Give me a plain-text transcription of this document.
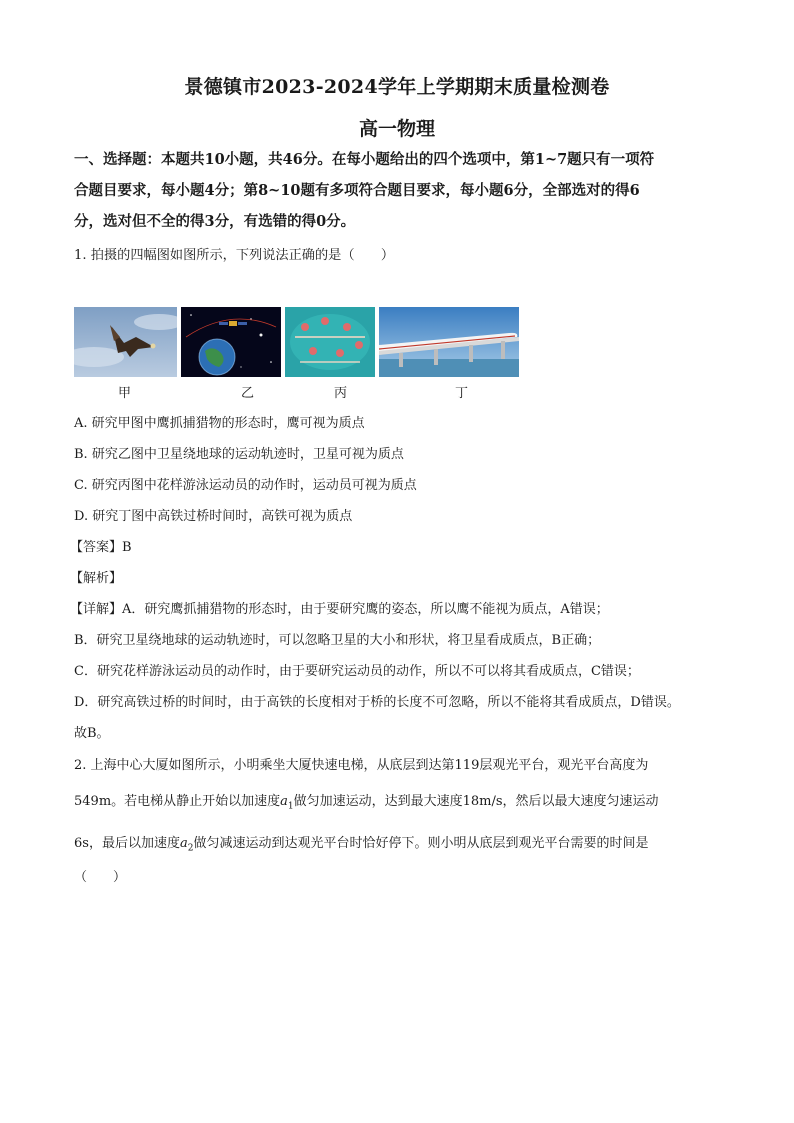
景德镇市2023-2024学年上学期期末质量检测卷
高一物理
一、选择题：本题共10小题，共46分。在每小题给出的四个选项中，第1~7题只有一项符
合题目要求，每小题4分；第8~10题有多项符合题目要求，每小题6分，全部选对的得6
分，选对但不全的得3分，有选错的得0分。
1. 拍摄的四幅图如图所示，下列说法正确的是（　　）
甲	乙	丙	丁
A. 研究甲图中鹰抓捕猎物的形态时，鹰可视为质点
B. 研究乙图中卫星绕地球的运动轨迹时，卫星可视为质点
C. 研究丙图中花样游泳运动员的动作时，运动员可视为质点
D. 研究丁图中高铁过桥时间时，高铁可视为质点
【答案】B
【解析】
【详解】A．研究鹰抓捕猎物的形态时，由于要研究鹰的姿态，所以鹰不能视为质点，A错误；
B．研究卫星绕地球的运动轨迹时，可以忽略卫星的大小和形状，将卫星看成质点，B正确；
C．研究花样游泳运动员的动作时，由于要研究运动员的动作，所以不可以将其看成质点，C错误；
D．研究高铁过桥的时间时，由于高铁的长度相对于桥的长度不可忽略，所以不能将其看成质点，D错误。
故B。
2. 上海中心大厦如图所示，小明乘坐大厦快速电梯，从底层到达第119层观光平台，观光平台高度为
549m。若电梯从静止开始以加速度$a_1$做匀加速运动，达到最大速度18m/s，然后以最大速度匀速运动
6s，最后以加速度$a_2$做匀减速运动到达观光平台时恰好停下。则小明从底层到观光平台需要的时间是
（　　）
